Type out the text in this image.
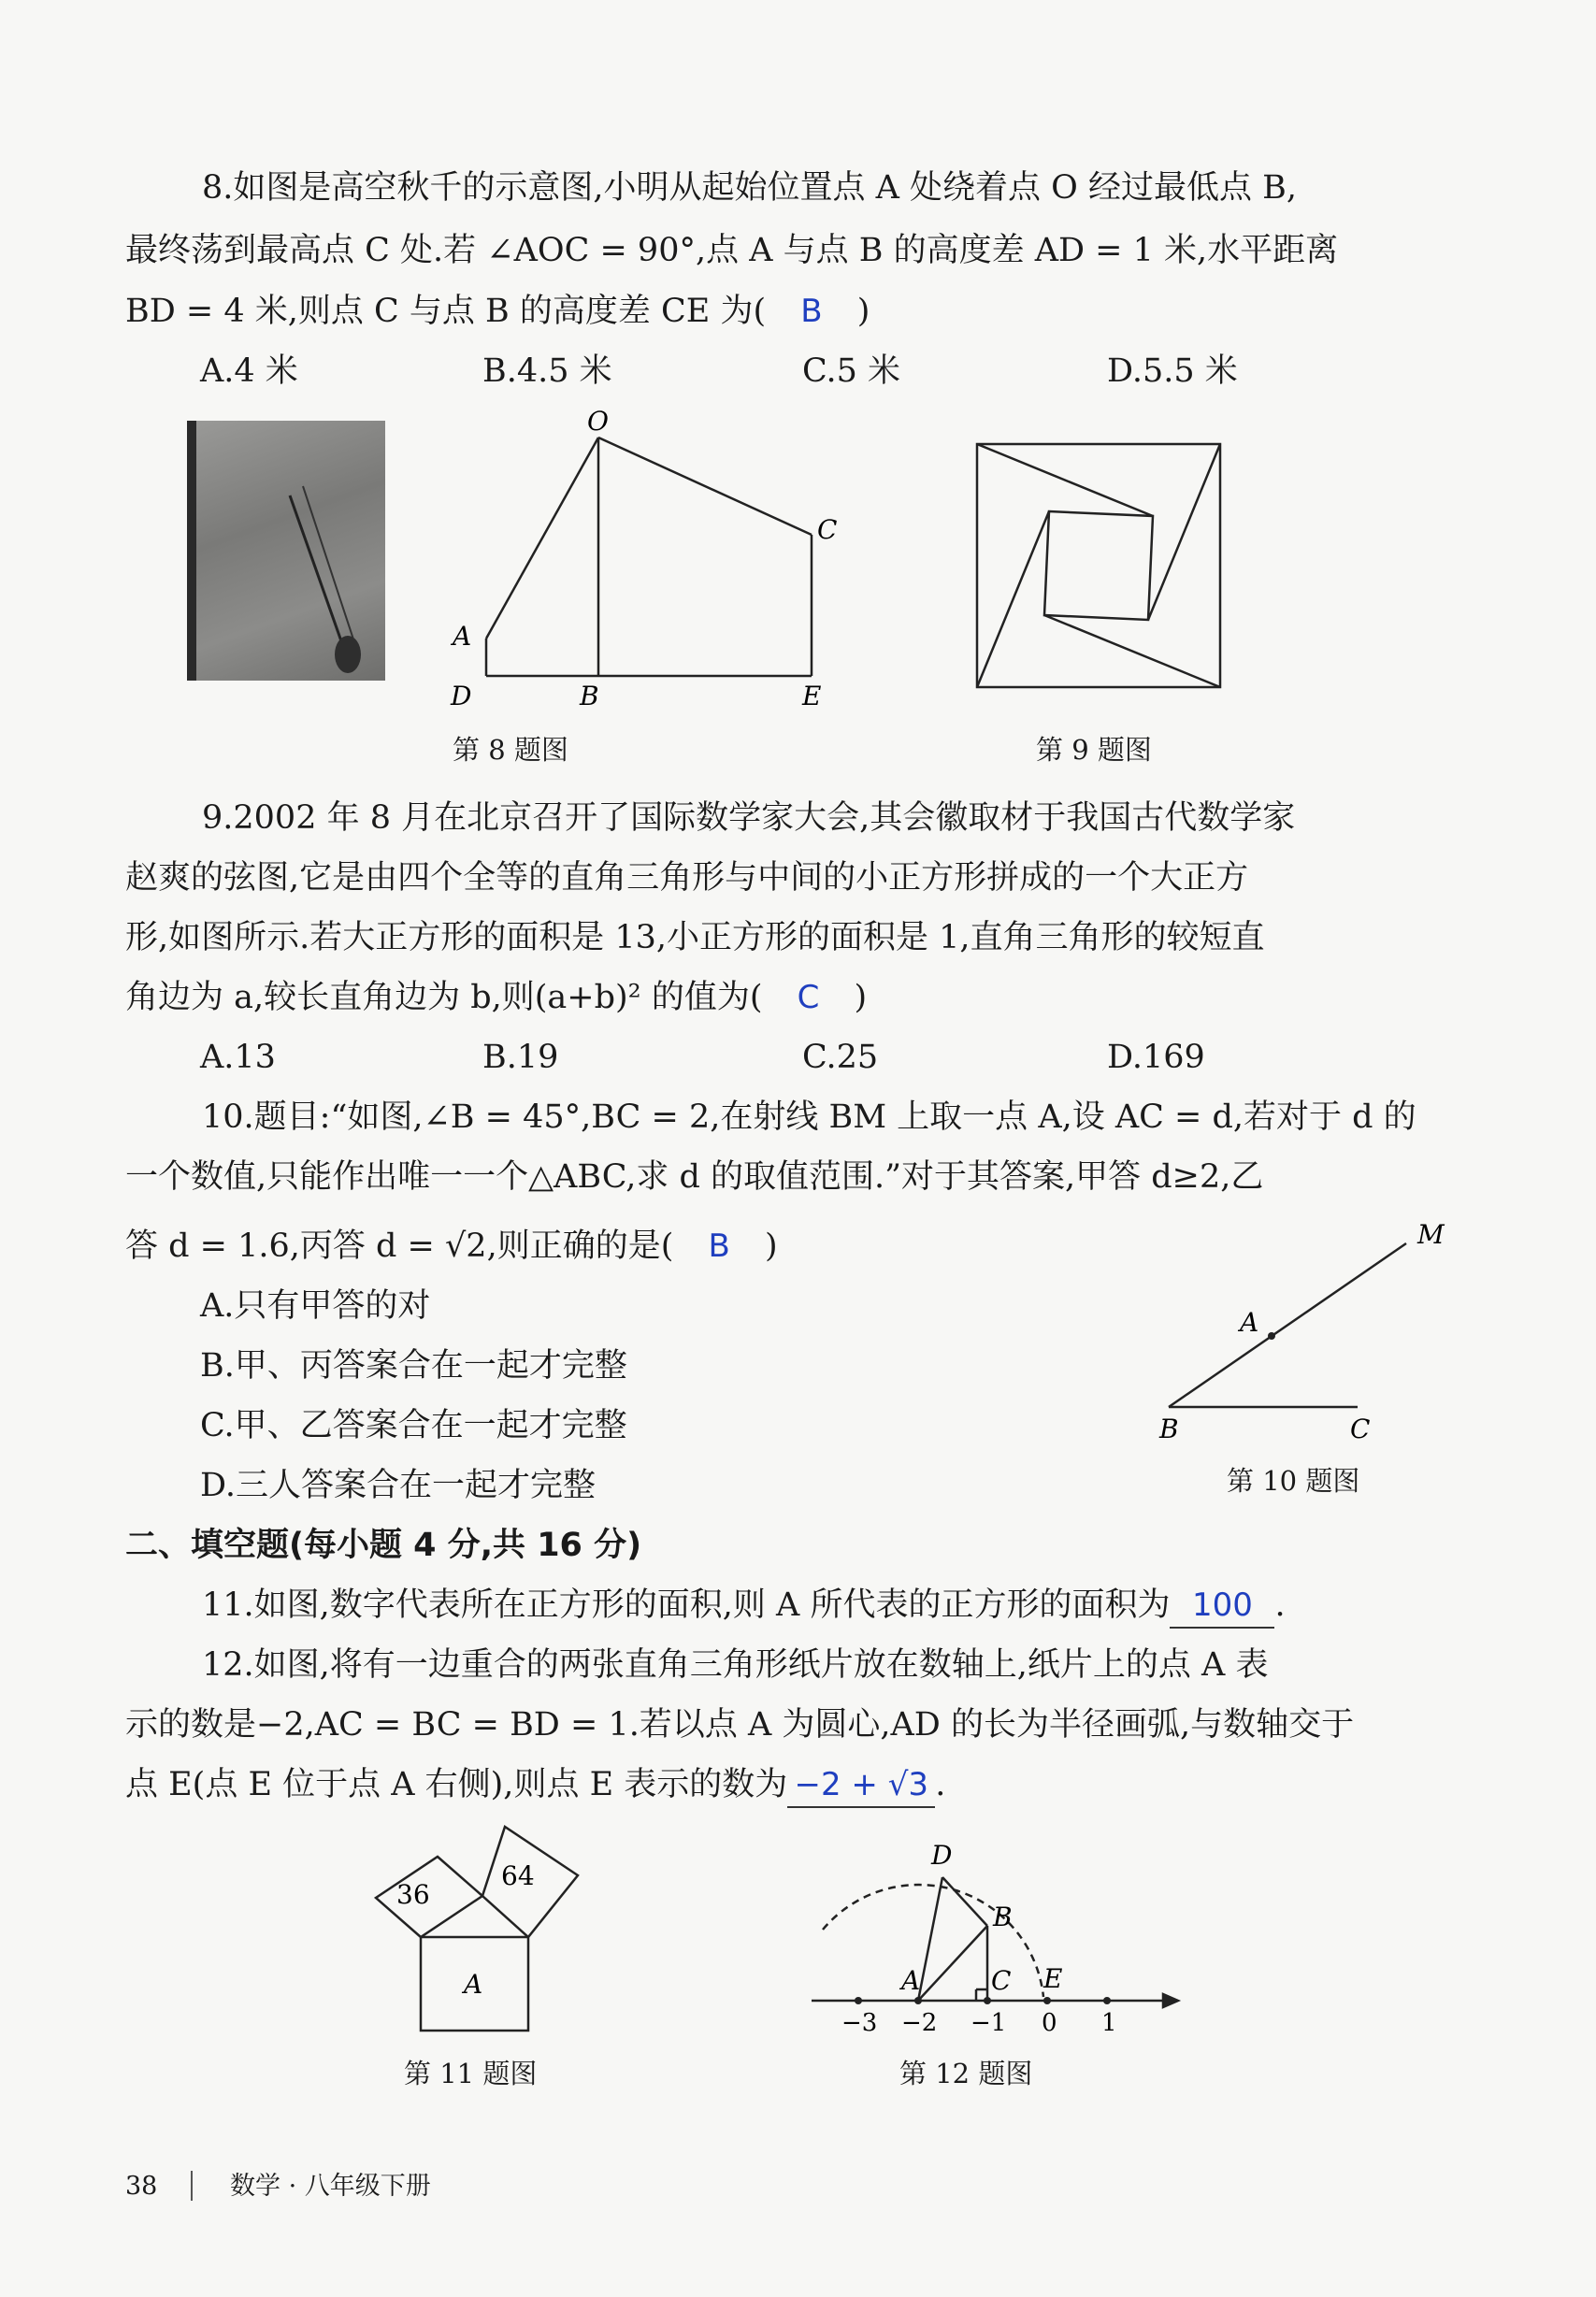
8.如图是高空秋千的示意图,小明从起始位置点 A 处绕着点 O 经过最低点 B,
最终荡到最高点 C 处.若 ∠AOC = 90°,点 A 与点 B 的高度差 AD = 1 米,水平距离
BD = 4 米,则点 C 与点 B 的高度差 CE 为( B )
A.4 米	B.4.5 米	C.5 米	D.5.5 米
O
A
C
D	B	E
第 8 题图	第 9 题图
9.2002 年 8 月在北京召开了国际数学家大会,其会徽取材于我国古代数学家
赵爽的弦图,它是由四个全等的直角三角形与中间的小正方形拼成的一个大正方
形,如图所示.若大正方形的面积是 13,小正方形的面积是 1,直角三角形的较短直
角边为 a,较长直角边为 b,则(a+b)² 的值为( C )
A.13	B.19	C.25	D.169
10.题目:“如图,∠B = 45°,BC = 2,在射线 BM 上取一点 A,设 AC = d,若对于 d 的
一个数值,只能作出唯一一个△ABC,求 d 的取值范围.”对于其答案,甲答 d≥2,乙
答 d = 1.6,丙答 d = √2,则正确的是( B )
A.只有甲答的对
B.甲、丙答案合在一起才完整
C.甲、乙答案合在一起才完整
D.三人答案合在一起才完整
M
A
B	C
第 10 题图
二、填空题(每小题 4 分,共 16 分)
11.如图,数字代表所在正方形的面积,则 A 所代表的正方形的面积为 100 .
12.如图,将有一边重合的两张直角三角形纸片放在数轴上,纸片上的点 A 表
示的数是−2,AC = BC = BD = 1.若以点 A 为圆心,AD 的长为半径画弧,与数轴交于
点 E(点 E 位于点 A 右侧),则点 E 表示的数为 −2 + √3 .
36
64
A
第 11 题图
D
B
A	C E
−3 −2 −1 0 1
第 12 题图
38	数学 · 八年级下册
